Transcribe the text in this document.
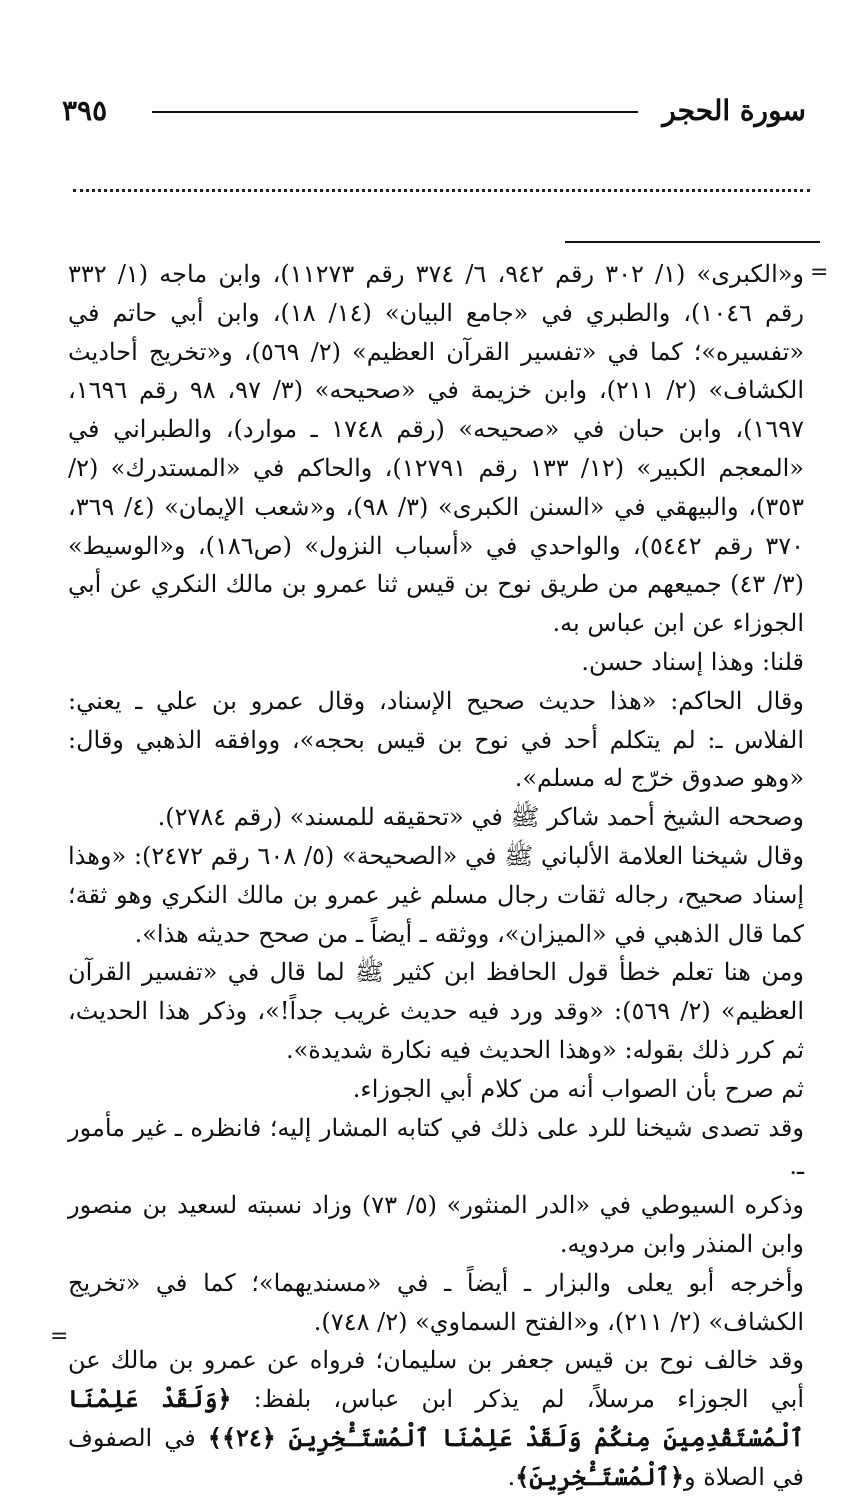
سورة الحجر
٣٩٥
=

و«الكبرى» (١/ ٣٠٢ رقم ٩٤٢، ٦/ ٣٧٤ رقم ١١٢٧٣)، وابن ماجه (١/ ٣٣٢ رقم ١٠٤٦)، والطبري في «جامع البيان» (١٤/ ١٨)، وابن أبي حاتم في «تفسيره»؛ كما في «تفسير القرآن العظيم» (٢/ ٥٦٩)، و«تخريج أحاديث الكشاف» (٢/ ٢١١)، وابن خزيمة في «صحيحه» (٣/ ٩٧، ٩٨ رقم ١٦٩٦، ١٦٩٧)، وابن حبان في «صحيحه» (رقم ١٧٤٨ ـ موارد)، والطبراني في «المعجم الكبير» (١٢/ ١٣٣ رقم ١٢٧٩١)، والحاكم في «المستدرك» (٢/ ٣٥٣)، والبيهقي في «السنن الكبرى» (٣/ ٩٨)، و«شعب الإيمان» (٤/ ٣٦٩، ٣٧٠ رقم ٥٤٤٢)، والواحدي في «أسباب النزول» (ص١٨٦)، و«الوسيط» (٣/ ٤٣) جميعهم من طريق نوح بن قيس ثنا عمرو بن مالك النكري عن أبي الجوزاء عن ابن عباس به.

قلنا: وهذا إسناد حسن.

وقال الحاكم: «هذا حديث صحيح الإسناد، وقال عمرو بن علي ـ يعني: الفلاس ـ: لم يتكلم أحد في نوح بن قيس بحجه»، ووافقه الذهبي وقال: «وهو صدوق خرّج له مسلم».

وصححه الشيخ أحمد شاكر ﷺ في «تحقيقه للمسند» (رقم ٢٧٨٤).

وقال شيخنا العلامة الألباني ﷺ في «الصحيحة» (٥/ ٦٠٨ رقم ٢٤٧٢): «وهذا إسناد صحيح، رجاله ثقات رجال مسلم غير عمرو بن مالك النكري وهو ثقة؛ كما قال الذهبي في «الميزان»، ووثقه ـ أيضاً ـ من صحح حديثه هذا».

ومن هنا تعلم خطأ قول الحافظ ابن كثير ﷺ لما قال في «تفسير القرآن العظيم» (٢/ ٥٦٩): «وقد ورد فيه حديث غريب جداً!»، وذكر هذا الحديث، ثم كرر ذلك بقوله: «وهذا الحديث فيه نكارة شديدة».

ثم صرح بأن الصواب أنه من كلام أبي الجوزاء.

وقد تصدى شيخنا للرد على ذلك في كتابه المشار إليه؛ فانظره ـ غير مأمور ـ.

وذكره السيوطي في «الدر المنثور» (٥/ ٧٣) وزاد نسبته لسعيد بن منصور وابن المنذر وابن مردويه.

وأخرجه أبو يعلى والبزار ـ أيضاً ـ في «مسنديهما»؛ كما في «تخريج الكشاف» (٢/ ٢١١)، و«الفتح السماوي» (٢/ ٧٤٨).

وقد خالف نوح بن قيس جعفر بن سليمان؛ فرواه عن عمرو بن مالك عن أبي الجوزاء مرسلاً، لم يذكر ابن عباس، بلفظ: ﴿وَلَقَدْ عَلِمْنَا ٱلْمُسْتَقْدِمِينَ مِنكُمْ وَلَقَدْ عَلِمْنَا ٱلْمُسْتَـْٔخِرِينَ ﴿٢٤﴾﴾ في الصفوف في الصلاة و﴿ٱلْمُسْتَـْٔخِرِينَ﴾.

=
